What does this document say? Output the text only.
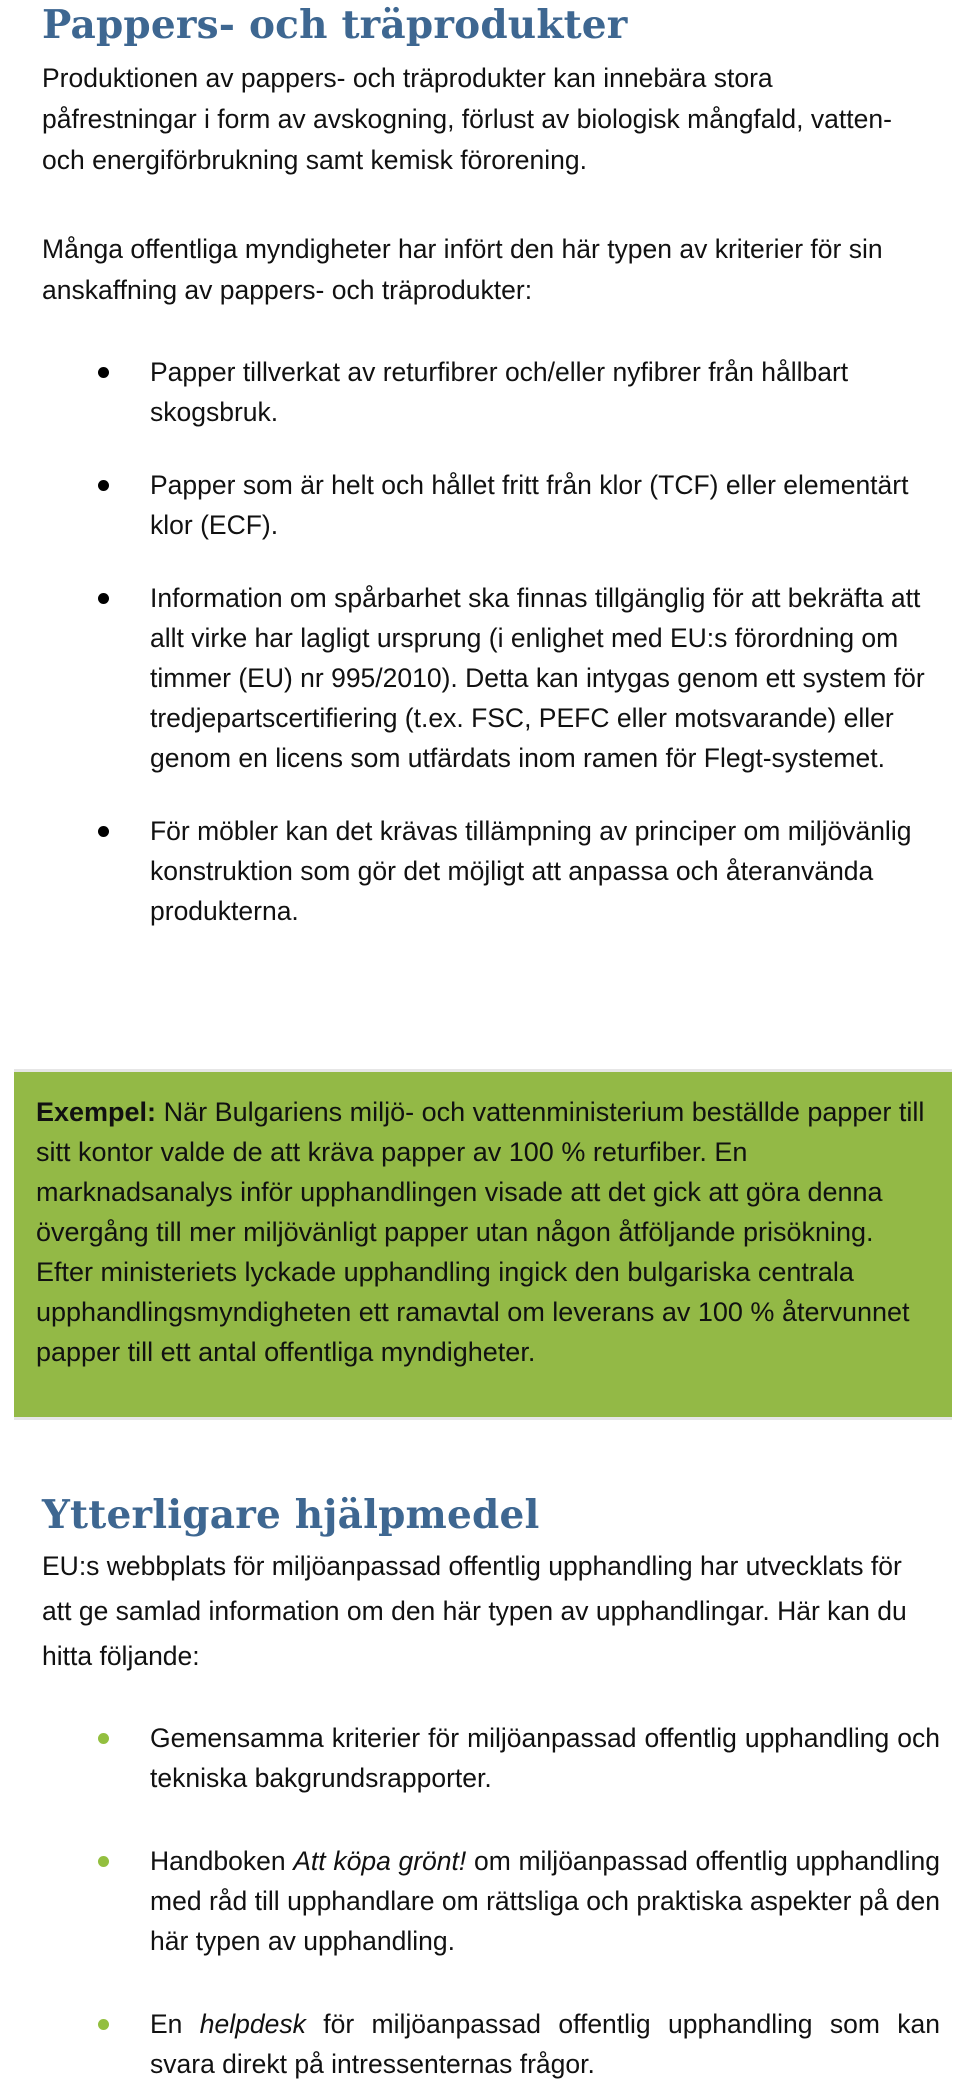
Pappers- och träprodukter

Produktionen av pappers- och träprodukter kan innebära stora påfrestningar i form av avskogning, förlust av biologisk mångfald, vatten- och energiförbrukning samt kemisk förorening.

Många offentliga myndigheter har infört den här typen av kriterier för sin anskaffning av pappers- och träprodukter:

Papper tillverkat av returfibrer och/eller nyfibrer från hållbart skogsbruk.
Papper som är helt och hållet fritt från klor (TCF) eller elementärt klor (ECF).
Information om spårbarhet ska finnas tillgänglig för att bekräfta att allt virke har lagligt ursprung (i enlighet med EU:s förordning om timmer (EU) nr 995/2010). Detta kan intygas genom ett system för tredjepartscertifiering (t.ex. FSC, PEFC eller motsvarande) eller genom en licens som utfärdats inom ramen för Flegt-systemet.
För möbler kan det krävas tillämpning av principer om miljövänlig konstruktion som gör det möjligt att anpassa och återanvända produkterna.

Exempel: När Bulgariens miljö- och vattenministerium beställde papper till sitt kontor valde de att kräva papper av 100 % returfiber. En marknadsanalys inför upphandlingen visade att det gick att göra denna övergång till mer miljövänligt papper utan någon åtföljande prisökning. Efter ministeriets lyckade upphandling ingick den bulgariska centrala upphandlingsmyndigheten ett ramavtal om leverans av 100 % återvunnet papper till ett antal offentliga myndigheter.

Ytterligare hjälpmedel

EU:s webbplats för miljöanpassad offentlig upphandling har utvecklats för att ge samlad information om den här typen av upphandlingar. Här kan du hitta följande:

Gemensamma kriterier för miljöanpassad offentlig upphandling och tekniska bakgrundsrapporter.
Handboken Att köpa grönt! om miljöanpassad offentlig upphandling med råd till upphandlare om rättsliga och praktiska aspekter på den här typen av upphandling.
En helpdesk för miljöanpassad offentlig upphandling som kan svara direkt på intressenternas frågor.
